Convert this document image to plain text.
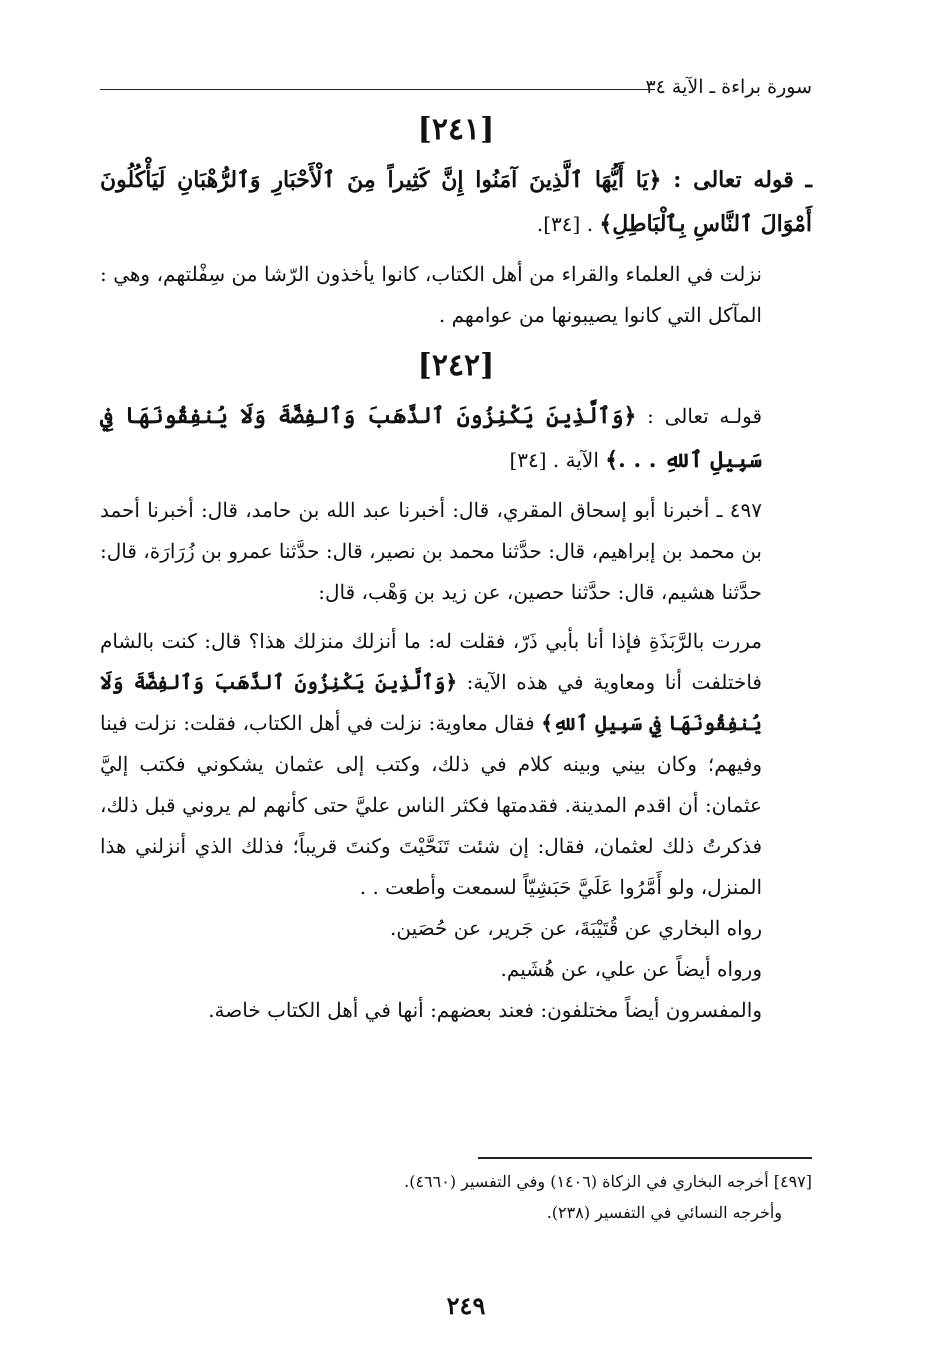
سورة براءة ـ الآية ٣٤
[٢٤١]

ـ قوله تعالى : ﴿يَا أَيُّهَا ٱلَّذِينَ آمَنُوا إِنَّ كَثِيراً مِنَ ٱلْأَحْبَارِ وَٱلرُّهْبَانِ لَيَأْكُلُونَ أَمْوَالَ ٱلنَّاسِ بِٱلْبَاطِلِ﴾ . [٣٤].

نزلت في العلماء والقراء من أهل الكتاب، كانوا يأخذون الرّشا من سِفْلتهم، وهي : المآكل التي كانوا يصيبونها من عوامهم .

[٢٤٢]

قولـه تعالى : ﴿وَٱلَّذِينَ يَكْنِزُونَ ٱلذَّهَبَ وَٱلفِضَّةَ وَلَا يُنفِقُونَهَا فِي سَبِيلِ ٱللهِ . . .﴾ الآية . [٣٤]

٤٩٧ ـ أخبرنا أبو إسحاق المقري، قال: أخبرنا عبد الله بن حامد، قال: أخبرنا أحمد بن محمد بن إبراهيم، قال: حدَّثنا محمد بن نصير، قال: حدَّثنا عمرو بن زُرَارَة، قال: حدَّثنا هشيم، قال: حدَّثنا حصين، عن زيد بن وَهْب، قال:

مررت بالرَّبَذَةِ فإذا أنا بأبي ذَرّ، فقلت له: ما أنزلك منزلك هذا؟ قال: كنت بالشام فاختلفت أنا ومعاوية في هذه الآية: ﴿وَٱلَّذِينَ يَكْنِزُونَ ٱلذَّهَبَ وَٱلفِضَّةَ وَلَا يُنفِقُونَهَا فِي سَبِيلِ ٱللهِ﴾ فقال معاوية: نزلت في أهل الكتاب، فقلت: نزلت فينا وفيهم؛ وكان بيني وبينه كلام في ذلك، وكتب إلى عثمان يشكوني فكتب إليَّ عثمان: أن اقدم المدينة. فقدمتها فكثر الناس عليَّ حتى كأنهم لم يروني قبل ذلك، فذكرتُ ذلك لعثمان، فقال: إن شئت تَنَحَّيْتَ وكنتَ قريباً؛ فذلك الذي أنزلني هذا المنزل، ولو أَمَّرُوا عَلَيَّ حَبَشِيّاً لسمعت وأطعت . .

رواه البخاري عن قُتَيْبَةَ، عن جَرير، عن حُصَين.

ورواه أيضاً عن علي، عن هُشَيم.

والمفسرون أيضاً مختلفون: فعند بعضهم: أنها في أهل الكتاب خاصة.

[٤٩٧] أخرجه البخاري في الزكاة (١٤٠٦) وفي التفسير (٤٦٦٠).

وأخرجه النسائي في التفسير (٢٣٨).

٢٤٩
